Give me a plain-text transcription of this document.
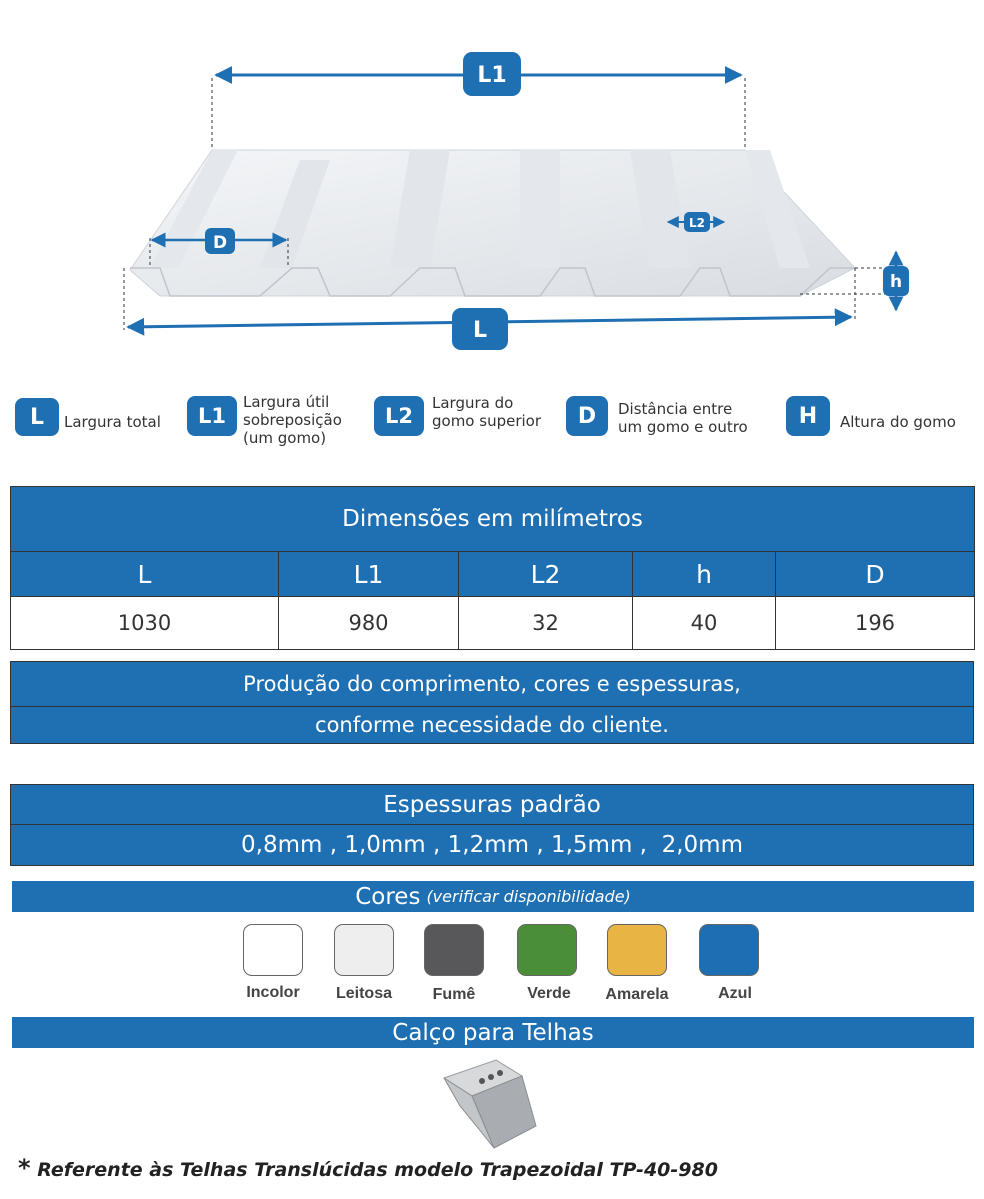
L1
D
L2
L
h
L	Largura total	L1
Largura útil
sobreposição
(um gomo)
L2
Largura do
gomo superior	D	Distância entre
um gomo e outro	H	Altura do gomo
Dimensões em milímetros				
L	L1	L2	h	D
1030	980	32	40	196
Produção do comprimento, cores e espessuras,
conforme necessidade do cliente.
Espessuras padrão
0,8mm , 1,0mm , 1,2mm , 1,5mm ,  2,0mm
Cores (verificar disponibilidade)
Incolor	Leitosa	Fumê	Verde	Amarela	Azul
Calço para Telhas
* Referente às Telhas Translúcidas modelo Trapezoidal TP-40-980
